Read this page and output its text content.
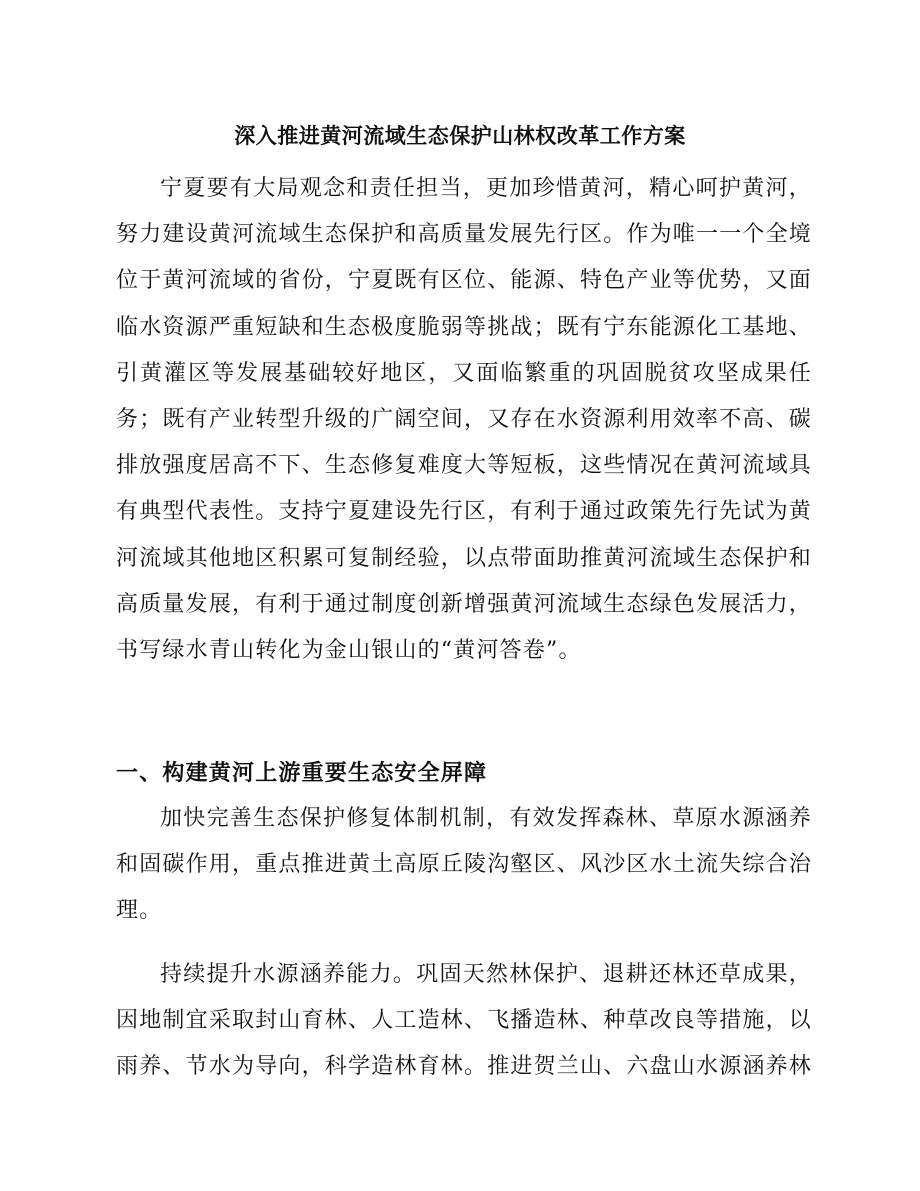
深入推进黄河流域生态保护山林权改革工作方案

宁夏要有大局观念和责任担当，更加珍惜黄河，精心呵护黄河，努力建设黄河流域生态保护和高质量发展先行区。作为唯一一个全境位于黄河流域的省份，宁夏既有区位、能源、特色产业等优势，又面临水资源严重短缺和生态极度脆弱等挑战；既有宁东能源化工基地、引黄灌区等发展基础较好地区，又面临繁重的巩固脱贫攻坚成果任务；既有产业转型升级的广阔空间，又存在水资源利用效率不高、碳排放强度居高不下、生态修复难度大等短板，这些情况在黄河流域具有典型代表性。支持宁夏建设先行区，有利于通过政策先行先试为黄河流域其他地区积累可复制经验，以点带面助推黄河流域生态保护和高质量发展，有利于通过制度创新增强黄河流域生态绿色发展活力，书写绿水青山转化为金山银山的“黄河答卷”。

一、构建黄河上游重要生态安全屏障

加快完善生态保护修复体制机制，有效发挥森林、草原水源涵养和固碳作用，重点推进黄土高原丘陵沟壑区、风沙区水土流失综合治理。

持续提升水源涵养能力。巩固天然林保护、退耕还林还草成果，因地制宜采取封山育林、人工造林、飞播造林、种草改良等措施，以雨养、节水为导向，科学造林育林。推进贺兰山、六盘山水源涵养林
